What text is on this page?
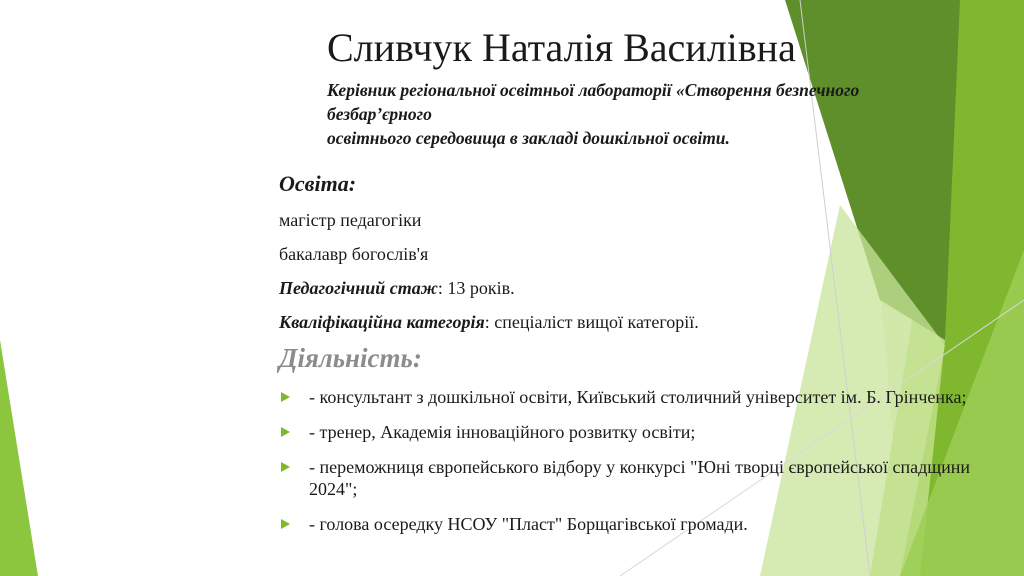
Сливчук Наталія Василівна
Керівник регіональної освітньої лабораторії «Створення безпечного
безбар’єрного
освітнього середовища в закладі дошкільної освіти.
Освіта:
магістр педагогіки
бакалавр богослів'я
Педагогічний стаж: 13 років.
Кваліфікаційна категорія: спеціаліст вищої категорії.
Діяльність:
- консультант з дошкільної освіти, Київський столичний університет ім. Б. Грінченка;
- тренер, Академія інноваційного розвитку освіти;
- переможниця європейського відбору у конкурсі "Юні творці європейської спадщини 2024";
- голова осередку НСОУ "Пласт" Борщагівської громади.
